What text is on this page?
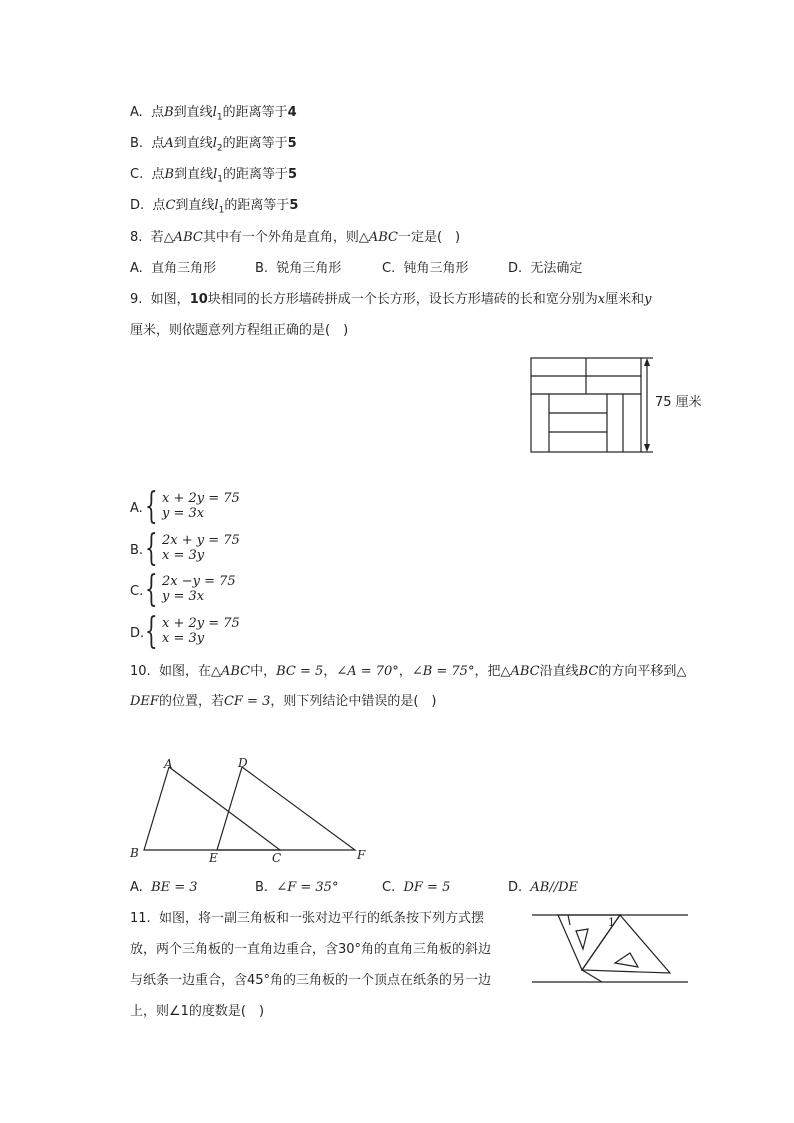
A. 点B到直线$l_1$的距离等于4
B. 点A到直线$l_2$的距离等于5
C. 点B到直线$l_1$的距离等于5
D. 点C到直线$l_1$的距离等于5
8. 若△ABC其中有一个外角是直角，则△ABC一定是(　)
A. 直角三角形	B. 锐角三角形	C. 钝角三角形	D. 无法确定
9. 如图，10块相同的长方形墙砖拼成一个长方形，设长方形墙砖的长和宽分别为x厘米和y
厘米，则依题意列方程组正确的是(　)
75 厘米
A. { x + 2y = 75
y = 3x
B. { 2x + y = 75
x = 3y
C. { 2x −y = 75
y = 3x
D. { x + 2y = 75
x = 3y
10. 如图，在△ABC中，BC = 5，∠A = 70°，∠B = 75°，把△ABC沿直线BC的方向平移到△
DEF的位置，若CF = 3，则下列结论中错误的是(　)
A	D
B	E	C	F
A. BE = 3	B. ∠F = 35°	C. DF = 5	D. AB//DE
11. 如图，将一副三角板和一张对边平行的纸条按下列方式摆
放，两个三角板的一直角边重合，含30°角的直角三角板的斜边
与纸条一边重合，含45°角的三角板的一个顶点在纸条的另一边
上，则∠1的度数是(　)
1
